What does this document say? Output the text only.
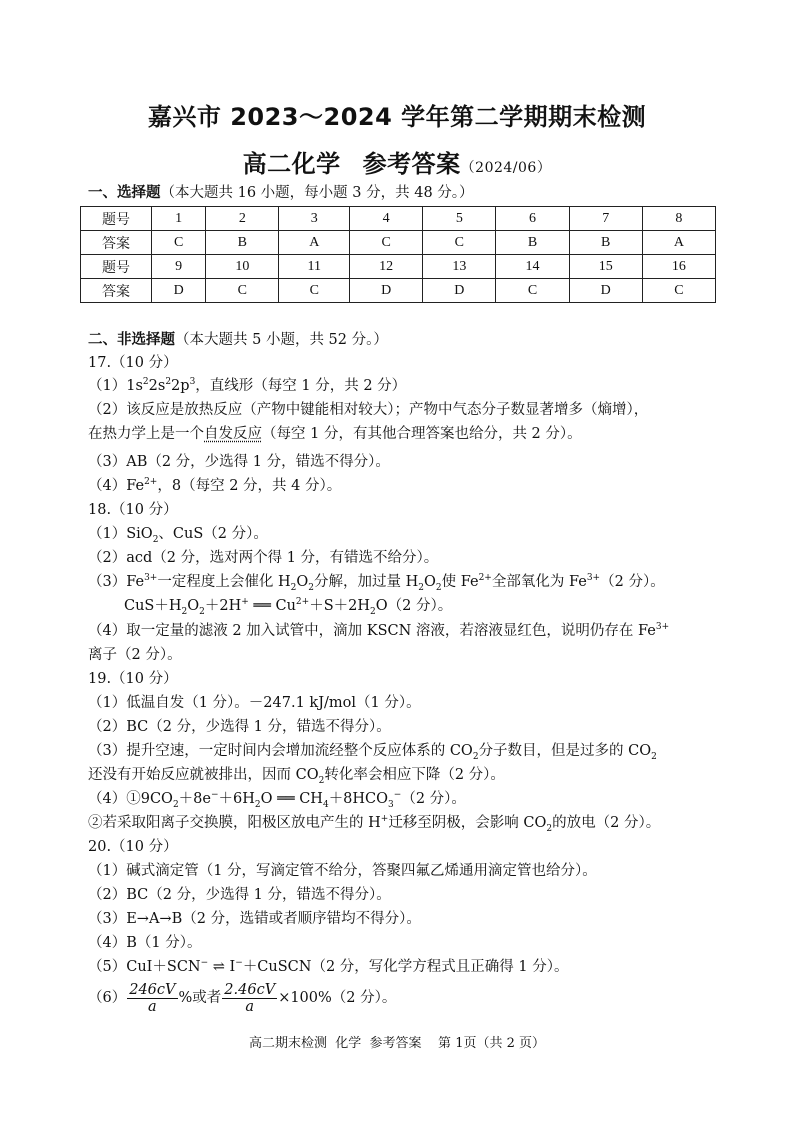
嘉兴市 2023～2024 学年第二学期期末检测
高二化学 参考答案（2024/06）
一、选择题（本大题共 16 小题，每小题 3 分，共 48 分。）
题号	1	2	3	4	5	6	7	8
答案	C	B	A	C	C	B	B	A
题号	9	10	11	12	13	14	15	16
答案	D	C	C	D	D	C	D	C
二、非选择题（本大题共 5 小题，共 52 分。）
17.（10 分）
$(1)1s^22s^22p^3$，直线形（每空 1 分，共 2 分）
（2）该反应是放热反应（产物中键能相对较大）；产物中气态分子数显著增多（熵增），
在热力学上是一个自发反应（每空 1 分，有其他合理答案也给分，共 2 分）。
（3）AB（2 分，少选得 1 分，错选不得分）。
$(4)Fe^{2+}$，8（每空 2 分，共 4 分）。
18.（10 分）
（1）SiO$_2$、CuS（2 分）。
（2）acd（2 分，选对两个得 1 分，有错选不给分）。
$(3)Fe^{3+}$一定程度上会催化 $H_2O_2$分解，加过量 $H_2O_2$使 $Fe^{2+}$全部氧化为 $Fe^{3+}(2$ 分）。
$CuS+H_2O_2+2H^+$ ══ $Cu^{2+}+S+2H_2O(2$ 分）。
（4）取一定量的滤液 2 加入试管中，滴加 KSCN 溶液，若溶液显红色，说明仍存在 $Fe^{3+}$
离子（2 分）。
19.（10 分）
（1）低温自发（1 分）。－247.1 kJ/mol（1 分）。
（2）BC（2 分，少选得 1 分，错选不得分）。
（3）提升空速，一定时间内会增加流经整个反应体系的 $CO_2$分子数目，但是过多的 $CO_2$
还没有开始反应就被排出，因而 $CO_2$转化率会相应下降（2 分）。
$(4)①9CO_2+8e^-+6H_2O$ ══ $CH_4+8HCO_3^-(2$ 分）。
②若采取阳离子交换膜，阳极区放电产生的 H+迁移至阴极，会影响 $CO_2$的放电（2 分）。
20.（10 分）
（1）碱式滴定管（1 分，写滴定管不给分，答聚四氟乙烯通用滴定管也给分）。
（2）BC（2 分，少选得 1 分，错选不得分）。
（3）E→A→B（2 分，选错或者顺序错均不得分）。
（4）B（1 分）。
（5）CuI＋SCN− ⇌ I−＋CuSCN（2 分，写化学方程式且正确得 1 分）。
$(6) \frac{246cV}{a}$ %或者 $\frac{2.46cV}{a} \times 100\%(2$ 分）。
高二期末检测  化学  参考答案    第 1页（共 2 页）
